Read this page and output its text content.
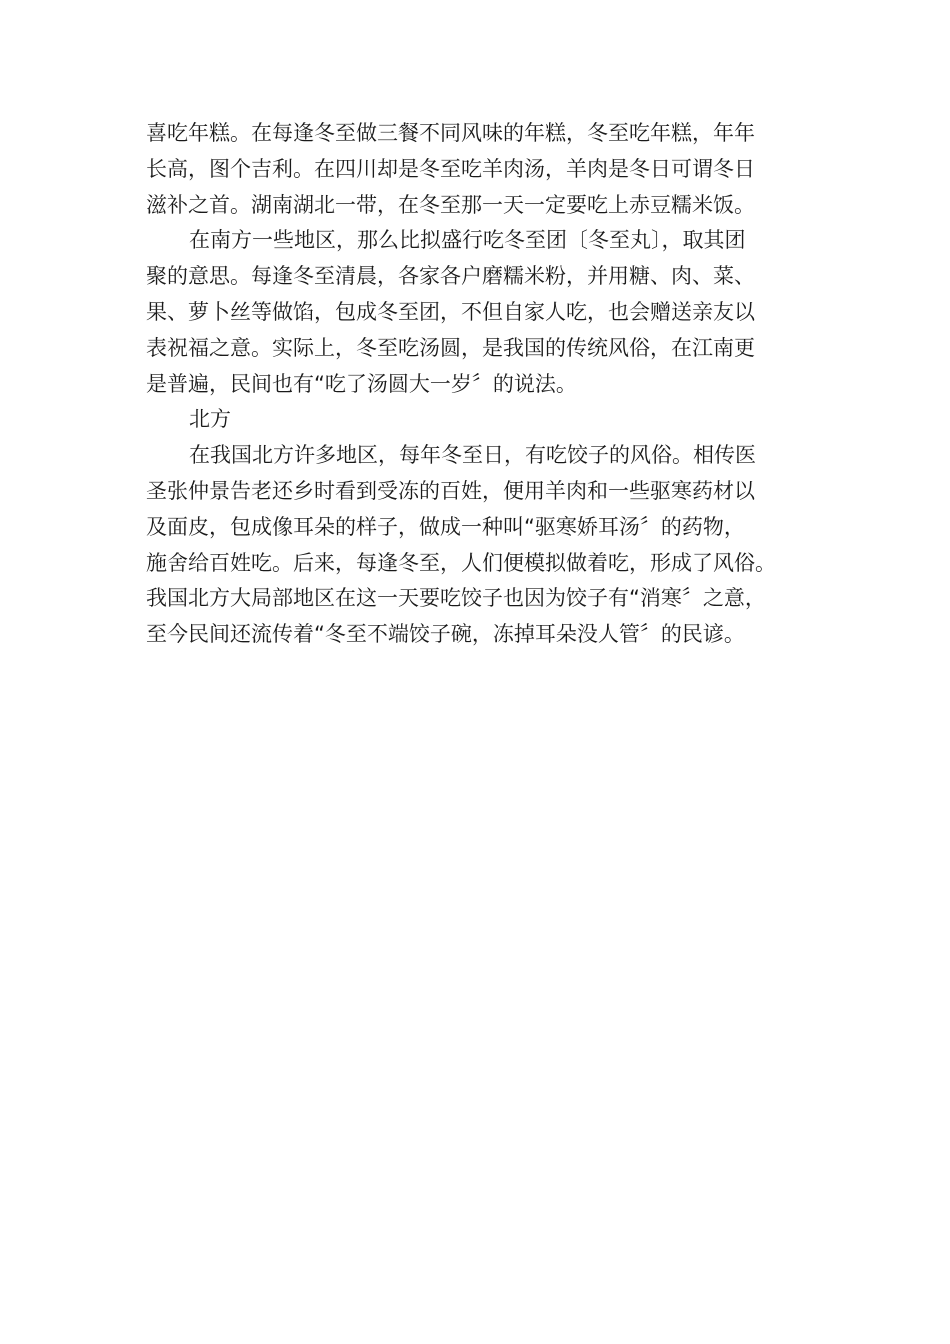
喜吃年糕。在每逢冬至做三餐不同风味的年糕，冬至吃年糕，年年
长高，图个吉利。在四川却是冬至吃羊肉汤，羊肉是冬日可谓冬日
滋补之首。湖南湖北一带，在冬至那一天一定要吃上赤豆糯米饭。
在南方一些地区，那么比拟盛行吃冬至团〔冬至丸〕，取其团
聚的意思。每逢冬至清晨，各家各户磨糯米粉，并用糖、肉、菜、
果、萝卜丝等做馅，包成冬至团，不但自家人吃，也会赠送亲友以
表祝福之意。实际上，冬至吃汤圆，是我国的传统风俗，在江南更
是普遍，民间也有“吃了汤圆大一岁〞的说法。
北方
在我国北方许多地区，每年冬至日，有吃饺子的风俗。相传医
圣张仲景告老还乡时看到受冻的百姓，便用羊肉和一些驱寒药材以
及面皮，包成像耳朵的样子，做成一种叫“驱寒娇耳汤〞的药物，
施舍给百姓吃。后来，每逢冬至，人们便模拟做着吃，形成了风俗。
我国北方大局部地区在这一天要吃饺子也因为饺子有“消寒〞之意，
至今民间还流传着“冬至不端饺子碗，冻掉耳朵没人管〞的民谚。
